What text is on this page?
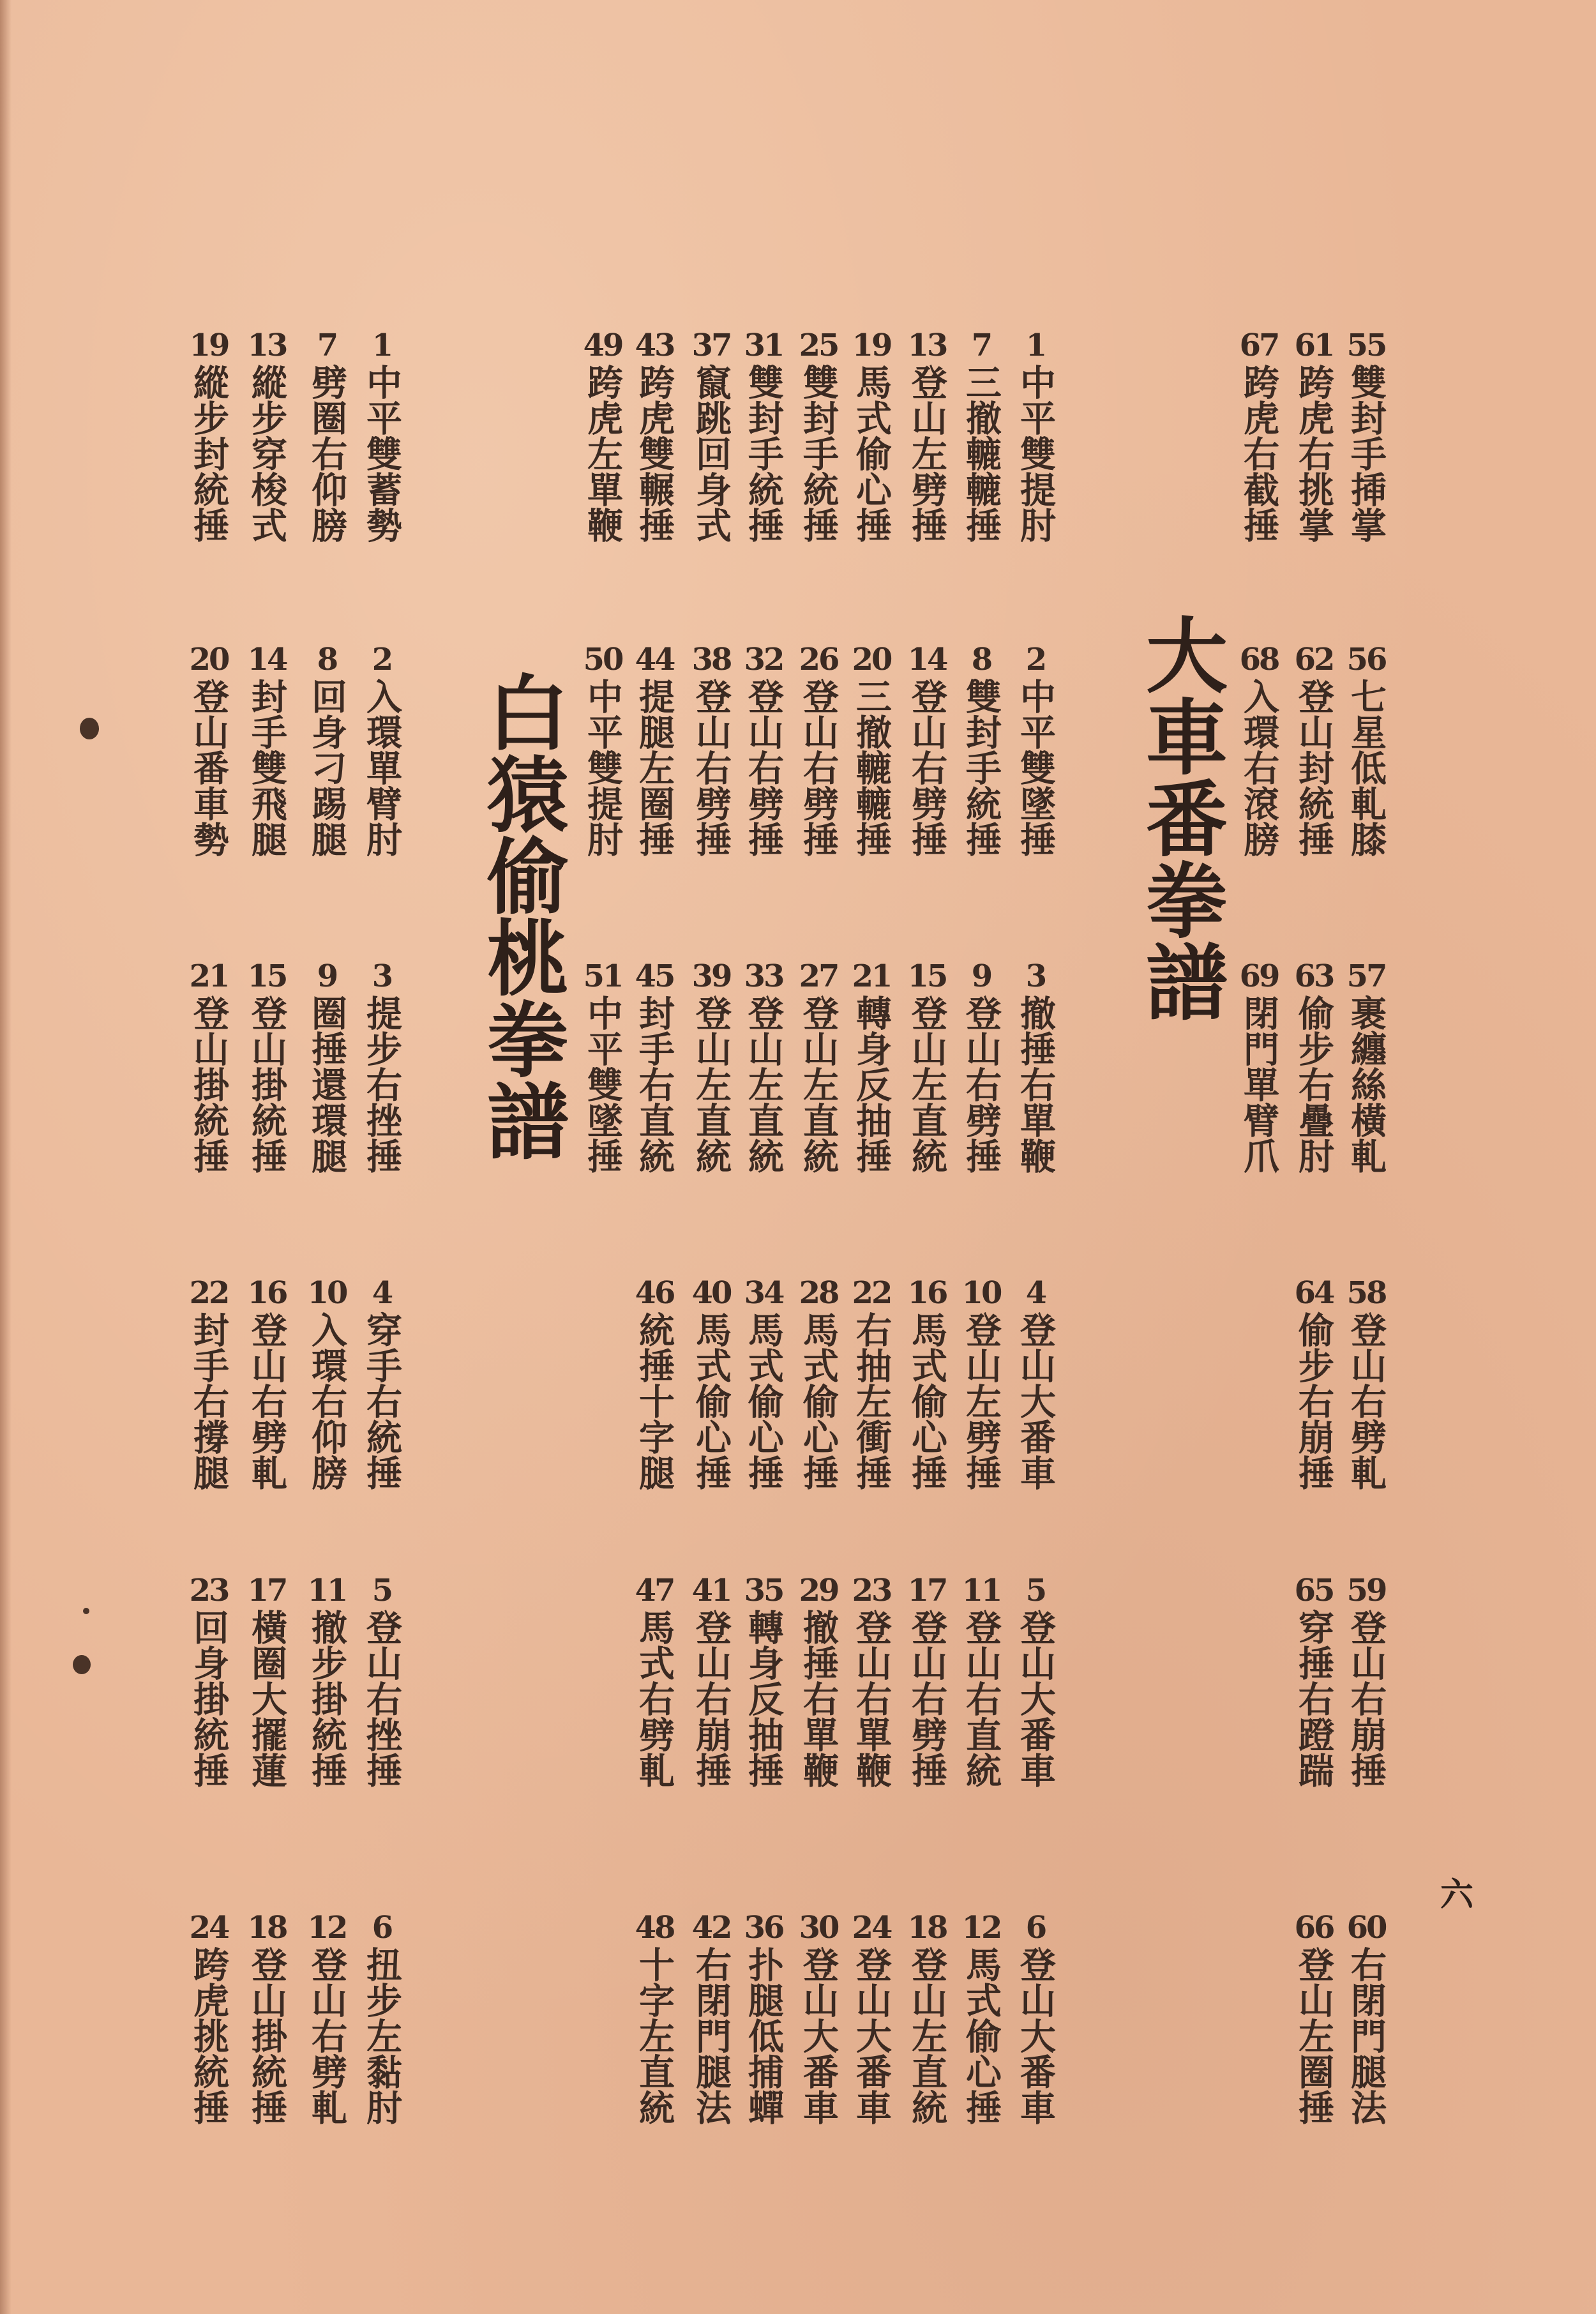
大車番拳譜
白猿偷桃拳譜
六
1
中平雙提肘
2
中平雙墜捶
3
撤捶右單鞭
4
登山大番車
5
登山大番車
6
登山大番車
7
三撤轆轆捶
8
雙封手統捶
9
登山右劈捶
10
登山左劈捶
11
登山右直統
12
馬式偷心捶
13
登山左劈捶
14
登山右劈捶
15
登山左直統
16
馬式偷心捶
17
登山右劈捶
18
登山左直統
19
馬式偷心捶
20
三撤轆轆捶
21
轉身反抽捶
22
右抽左衝捶
23
登山右單鞭
24
登山大番車
25
雙封手統捶
26
登山右劈捶
27
登山左直統
28
馬式偷心捶
29
撤捶右單鞭
30
登山大番車
31
雙封手統捶
32
登山右劈捶
33
登山左直統
34
馬式偷心捶
35
轉身反抽捶
36
扑腿低捕蟬
37
竄跳回身式
38
登山右劈捶
39
登山左直統
40
馬式偷心捶
41
登山右崩捶
42
右閉門腿法
43
跨虎雙輾捶
44
提腿左圈捶
45
封手右直統
46
統捶十字腿
47
馬式右劈軋
48
十字左直統
49
跨虎左單鞭
50
中平雙提肘
51
中平雙墜捶
55
雙封手揷掌
56
七星低軋膝
57
裹纏絲橫軋
58
登山右劈軋
59
登山右崩捶
60
右閉門腿法
61
跨虎右挑掌
62
登山封統捶
63
偷步右疊肘
64
偷步右崩捶
65
穿捶右蹬踹
66
登山左圈捶
67
跨虎右截捶
68
入環右滾膀
69
閉門單臂爪
1
中平雙蓄勢
2
入環單臂肘
3
提步右挫捶
4
穿手右統捶
5
登山右挫捶
6
扭步左黏肘
7
劈圈右仰膀
8
回身刁踢腿
9
圈捶還環腿
10
入環右仰膀
11
撤步掛統捶
12
登山右劈軋
13
縱步穿梭式
14
封手雙飛腿
15
登山掛統捶
16
登山右劈軋
17
橫圈大擺蓮
18
登山掛統捶
19
縱步封統捶
20
登山番車勢
21
登山掛統捶
22
封手右撐腿
23
回身掛統捶
24
跨虎挑統捶
